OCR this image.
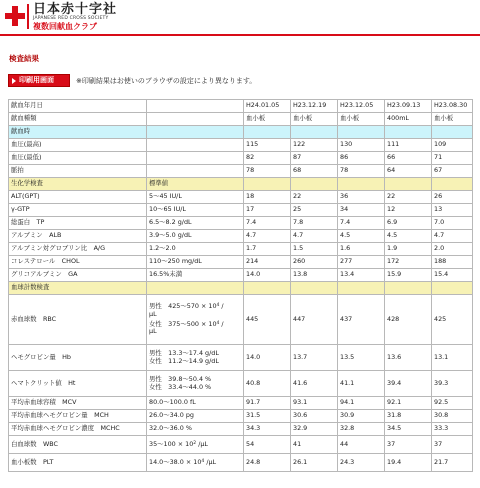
日本赤十字社
JAPANESE RED CROSS SOCIETY
複数回献血クラブ
検査結果
印刷用画面	※印刷結果はお使いのブラウザの設定により異なります。
献血年月日		H24.01.05	H23.12.19	H23.12.05	H23.09.13	H23.08.30
献血種類		血小板	血小板	血小板	400mL	血小板
献血時						
血圧(最高)		115	122	130	111	109
血圧(最低)		82	87	86	66	71
脈拍		78	68	78	64	67
生化学検査	標準値					
ALT(GPT)	5～45 IU/L	18	22	36	22	26
γ-GTP	10～65 IU/L	17	25	34	12	13
総蛋白　TP	6.5～8.2 g/dL	7.4	7.8	7.4	6.9	7.0
アルブミン　ALB	3.9～5.0 g/dL	4.7	4.7	4.5	4.5	4.7
アルブミン対グロブリン比　A/G	1.2～2.0	1.7	1.5	1.6	1.9	2.0
コレステロール　CHOL	110～250 mg/dL	214	260	277	172	188
グリコアルブミン　GA	16.5%未満	14.0	13.8	13.4	15.9	15.4
血球計数検査						
赤血球数　RBC	男性　425～570 × $10^4$ /
μL
女性　375～500 × $10^4$ /
μL	445	447	437	428	425
ヘモグロビン量　Hb	男性　13.3～17.4 g/dL
女性　11.2～14.9 g/dL	14.0	13.7	13.5	13.6	13.1
ヘマトクリット値　Ht	男性　39.8～50.4 %
女性　33.4～44.0 %	40.8	41.6	41.1	39.4	39.3
平均赤血球容積　MCV	80.0～100.0 fL	91.7	93.1	94.1	92.1	92.5
平均赤血球ヘモグロビン量　MCH	26.0～34.0 pg	31.5	30.6	30.9	31.8	30.8
平均赤血球ヘモグロビン濃度　MCHC	32.0～36.0 %	34.3	32.9	32.8	34.5	33.3
白血球数　WBC	35～100 × $10^2$ /μL	54	41	44	37	37
血小板数　PLT	14.0～38.0 × $10^4$ /μL	24.8	26.1	24.3	19.4	21.7
